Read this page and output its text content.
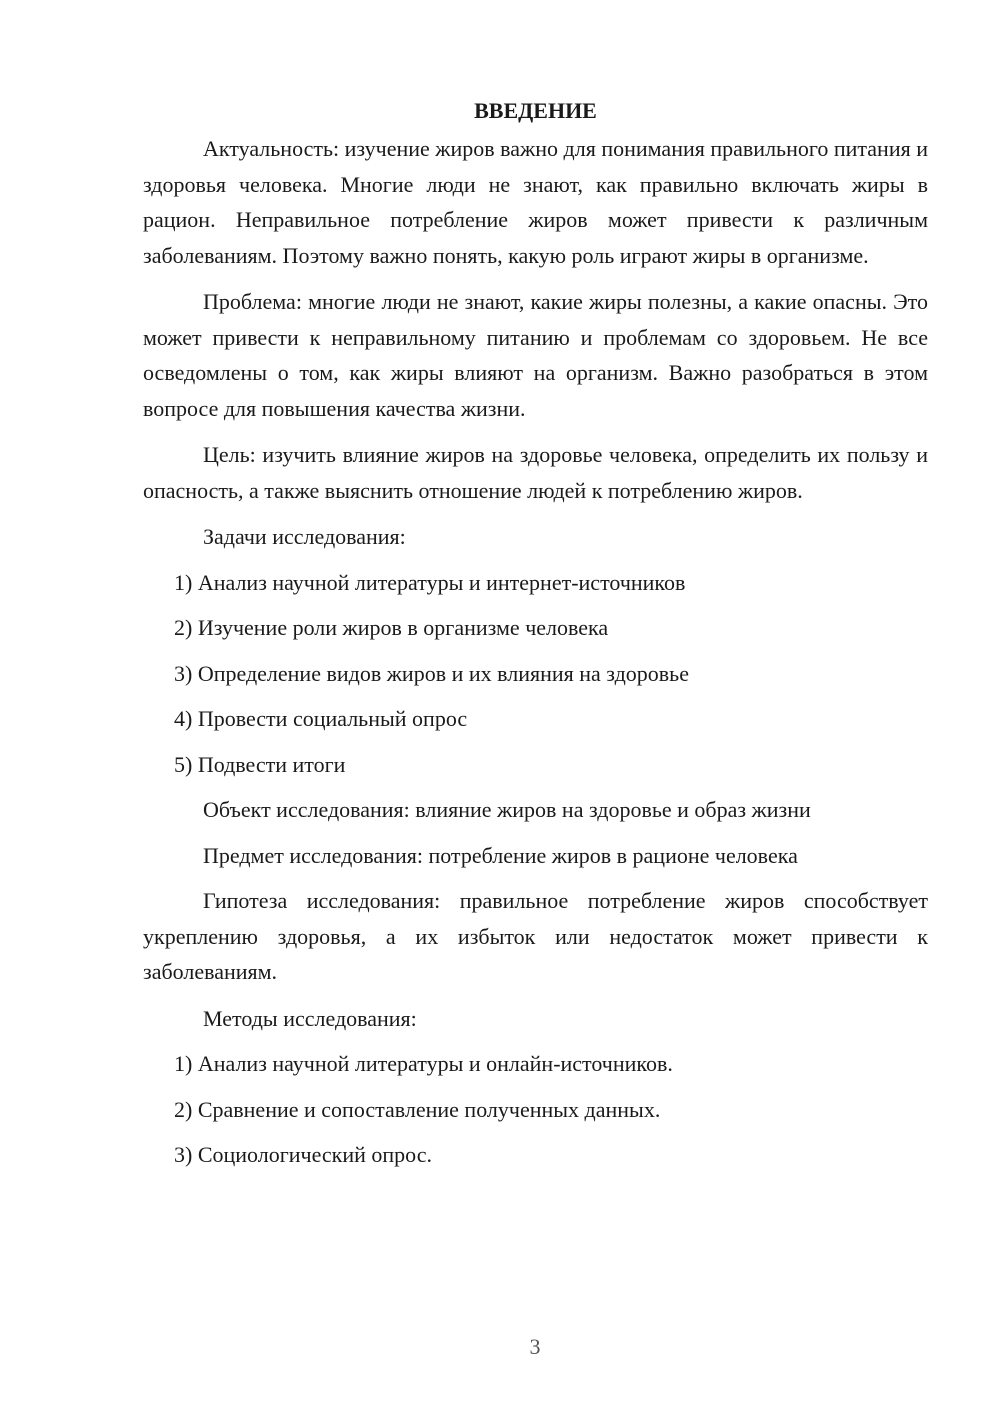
ВВЕДЕНИЕ

Актуальность: изучение жиров важно для понимания правильного питания и здоровья человека. Многие люди не знают, как правильно включать жиры в рацион. Неправильное потребление жиров может привести к различным заболеваниям. Поэтому важно понять, какую роль играют жиры в организме.

Проблема: многие люди не знают, какие жиры полезны, а какие опасны. Это может привести к неправильному питанию и проблемам со здоровьем. Не все осведомлены о том, как жиры влияют на организм. Важно разобраться в этом вопросе для повышения качества жизни.

Цель: изучить влияние жиров на здоровье человека, определить их пользу и опасность, а также выяснить отношение людей к потреблению жиров.

Задачи исследования:
1) Анализ научной литературы и интернет-источников
2) Изучение роли жиров в организме человека
3) Определение видов жиров и их влияния на здоровье
4) Провести социальный опрос
5) Подвести итоги
Объект исследования: влияние жиров на здоровье и образ жизни
Предмет исследования: потребление жиров в рационе человека

Гипотеза исследования: правильное потребление жиров способствует укреплению здоровья, а их избыток или недостаток может привести к заболеваниям.

Методы исследования:
1) Анализ научной литературы и онлайн-источников.
2) Сравнение и сопоставление полученных данных.
3) Социологический опрос.
3
